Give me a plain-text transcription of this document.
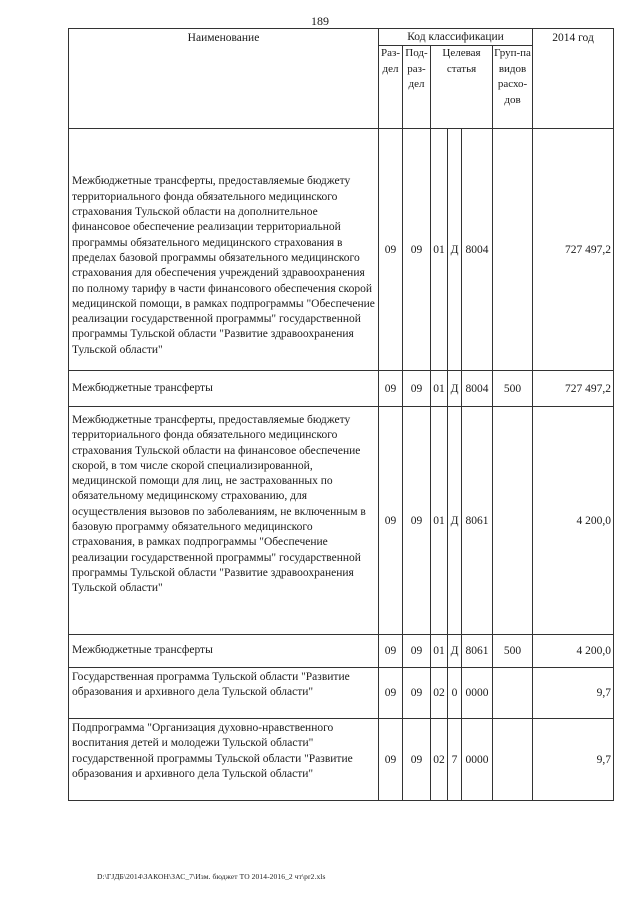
189
Наименование	Код классификации						2014 год
	Раз-дел	Под-раз-дел	Целевая статья			Груп-па видов расхо-дов	
Межбюджетные трансферты, предоставляемые бюджету территориального фонда обязательного медицинского страхования Тульской области на дополнительное финансовое обеспечение реализации территориальной программы обязательного медицинского страхования в пределах базовой программы обязательного медицинского страхования для обеспечения учреждений здравоохранения по полному тарифу в части финансового обеспечения скорой медицинской помощи, в рамках подпрограммы "Обеспечение реализации государственной программы" государственной программы Тульской области "Развитие здравоохранения Тульской области"	09	09	01	Д	8004		727 497,2
Межбюджетные трансферты	09	09	01	Д	8004	500	727 497,2
Межбюджетные трансферты, предоставляемые бюджету территориального фонда обязательного медицинского страхования Тульской области на финансовое обеспечение скорой, в том числе скорой специализированной, медицинской помощи для лиц, не застрахованных по обязательному медицинскому страхованию, для осуществления вызовов по заболеваниям, не включенным в базовую программу обязательного медицинского страхования, в рамках подпрограммы "Обеспечение реализации государственной программы" государственной программы Тульской области "Развитие здравоохранения Тульской области"	09	09	01	Д	8061		4 200,0
Межбюджетные трансферты	09	09	01	Д	8061	500	4 200,0
Государственная программа Тульской области "Развитие образования и архивного дела Тульской области"	09	09	02	0	0000		9,7
Подпрограмма "Организация духовно-нравственного воспитания детей и молодежи Тульской области" государственной программы Тульской области "Развитие образования и архивного дела Тульской области"	09	09	02	7	0000		9,7
D:\ГЈДБ\2014\ЗАКОН\ЗАС_7\Изм. бюджет ТО 2014-2016_2 чт\pr2.xls
